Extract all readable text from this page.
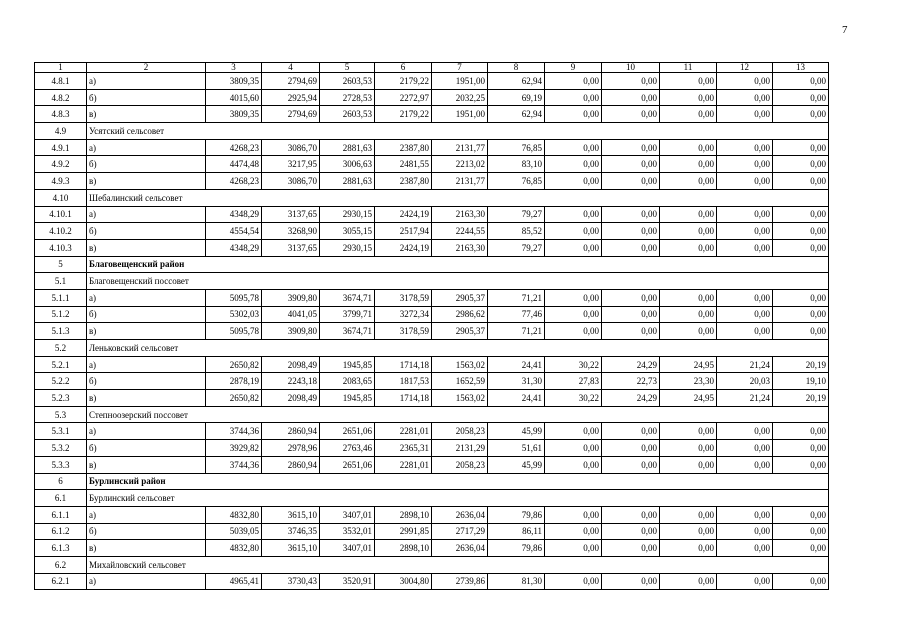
7
1	2	3	4	5	6	7	8	9	10	11	12	13
4.8.1	а)	3809,35	2794,69	2603,53	2179,22	1951,00	62,94	0,00	0,00	0,00	0,00	0,00
4.8.2	б)	4015,60	2925,94	2728,53	2272,97	2032,25	69,19	0,00	0,00	0,00	0,00	0,00
4.8.3	в)	3809,35	2794,69	2603,53	2179,22	1951,00	62,94	0,00	0,00	0,00	0,00	0,00
4.9	Усятский сельсовет											
4.9.1	а)	4268,23	3086,70	2881,63	2387,80	2131,77	76,85	0,00	0,00	0,00	0,00	0,00
4.9.2	б)	4474,48	3217,95	3006,63	2481,55	2213,02	83,10	0,00	0,00	0,00	0,00	0,00
4.9.3	в)	4268,23	3086,70	2881,63	2387,80	2131,77	76,85	0,00	0,00	0,00	0,00	0,00
4.10	Шебалинский сельсовет											
4.10.1	а)	4348,29	3137,65	2930,15	2424,19	2163,30	79,27	0,00	0,00	0,00	0,00	0,00
4.10.2	б)	4554,54	3268,90	3055,15	2517,94	2244,55	85,52	0,00	0,00	0,00	0,00	0,00
4.10.3	в)	4348,29	3137,65	2930,15	2424,19	2163,30	79,27	0,00	0,00	0,00	0,00	0,00
5	Благовещенский район											
5.1	Благовещенский поссовет											
5.1.1	а)	5095,78	3909,80	3674,71	3178,59	2905,37	71,21	0,00	0,00	0,00	0,00	0,00
5.1.2	б)	5302,03	4041,05	3799,71	3272,34	2986,62	77,46	0,00	0,00	0,00	0,00	0,00
5.1.3	в)	5095,78	3909,80	3674,71	3178,59	2905,37	71,21	0,00	0,00	0,00	0,00	0,00
5.2	Леньковский сельсовет											
5.2.1	а)	2650,82	2098,49	1945,85	1714,18	1563,02	24,41	30,22	24,29	24,95	21,24	20,19
5.2.2	б)	2878,19	2243,18	2083,65	1817,53	1652,59	31,30	27,83	22,73	23,30	20,03	19,10
5.2.3	в)	2650,82	2098,49	1945,85	1714,18	1563,02	24,41	30,22	24,29	24,95	21,24	20,19
5.3	Степноозерский поссовет											
5.3.1	а)	3744,36	2860,94	2651,06	2281,01	2058,23	45,99	0,00	0,00	0,00	0,00	0,00
5.3.2	б)	3929,82	2978,96	2763,46	2365,31	2131,29	51,61	0,00	0,00	0,00	0,00	0,00
5.3.3	в)	3744,36	2860,94	2651,06	2281,01	2058,23	45,99	0,00	0,00	0,00	0,00	0,00
6	Бурлинский район											
6.1	Бурлинский сельсовет											
6.1.1	а)	4832,80	3615,10	3407,01	2898,10	2636,04	79,86	0,00	0,00	0,00	0,00	0,00
6.1.2	б)	5039,05	3746,35	3532,01	2991,85	2717,29	86,11	0,00	0,00	0,00	0,00	0,00
6.1.3	в)	4832,80	3615,10	3407,01	2898,10	2636,04	79,86	0,00	0,00	0,00	0,00	0,00
6.2	Михайловский сельсовет											
6.2.1	а)	4965,41	3730,43	3520,91	3004,80	2739,86	81,30	0,00	0,00	0,00	0,00	0,00
